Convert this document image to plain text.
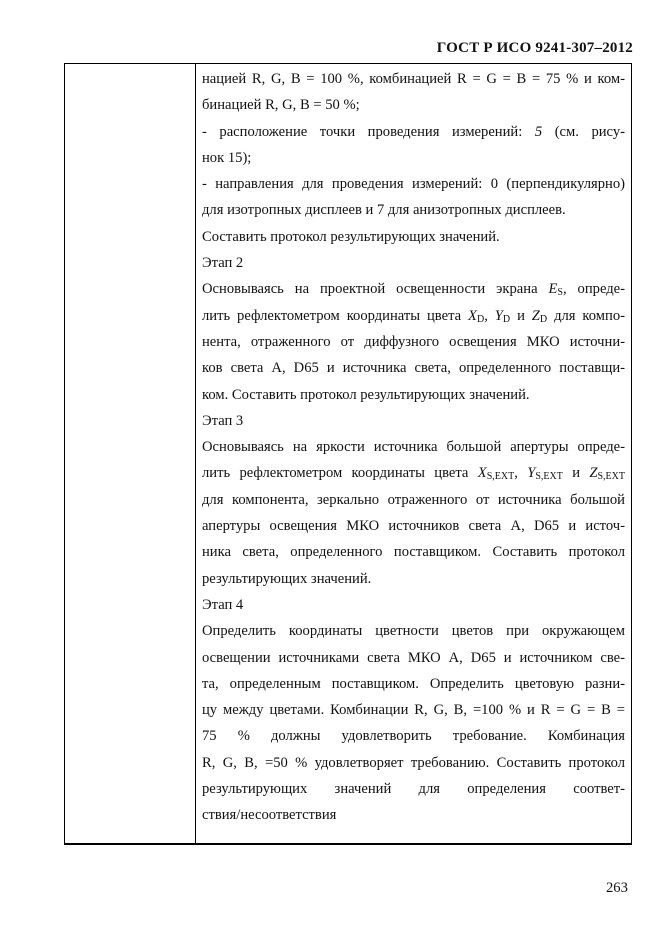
ГОСТ Р ИСО 9241-307–2012
нацией R, G, B = 100 %, комбинацией R = G = B = 75 % и ком-
бинацией R, G, B = 50 %;
- расположение точки проведения измерений: 5 (см. рису-
нок 15);
- направления для проведения измерений: 0 (перпендикулярно)
для изотропных дисплеев и 7 для анизотропных дисплеев.
Составить протокол результирующих значений.
Этап 2
Основываясь на проектной освещенности экрана $E_S$, опреде-
лить рефлектометром координаты цвета $X_D$, $Y_D$ и $Z_D$ для компо-
нента, отраженного от диффузного освещения МКО источни-
ков света A, D65 и источника света, определенного поставщи-
ком. Составить протокол результирующих значений.
Этап 3
Основываясь на яркости источника большой апертуры опреде-
лить рефлектометром координаты цвета $X_{S,EXT}$, $Y_{S,EXT}$ и $Z_{S,EXT}$
для компонента, зеркально отраженного от источника большой
апертуры освещения МКО источников света A, D65 и источ-
ника света, определенного поставщиком. Составить протокол
результирующих значений.
Этап 4
Определить координаты цветности цветов при окружающем
освещении источниками света МКО A, D65 и источником све-
та, определенным поставщиком. Определить цветовую разни-
цу между цветами. Комбинации R, G, B, =100 % и R = G = B =
75 % должны удовлетворить требование. Комбинация
R, G, B, =50 % удовлетворяет требованию. Составить протокол
результирующих значений для определения соответ-
ствия/несоответствия
263
